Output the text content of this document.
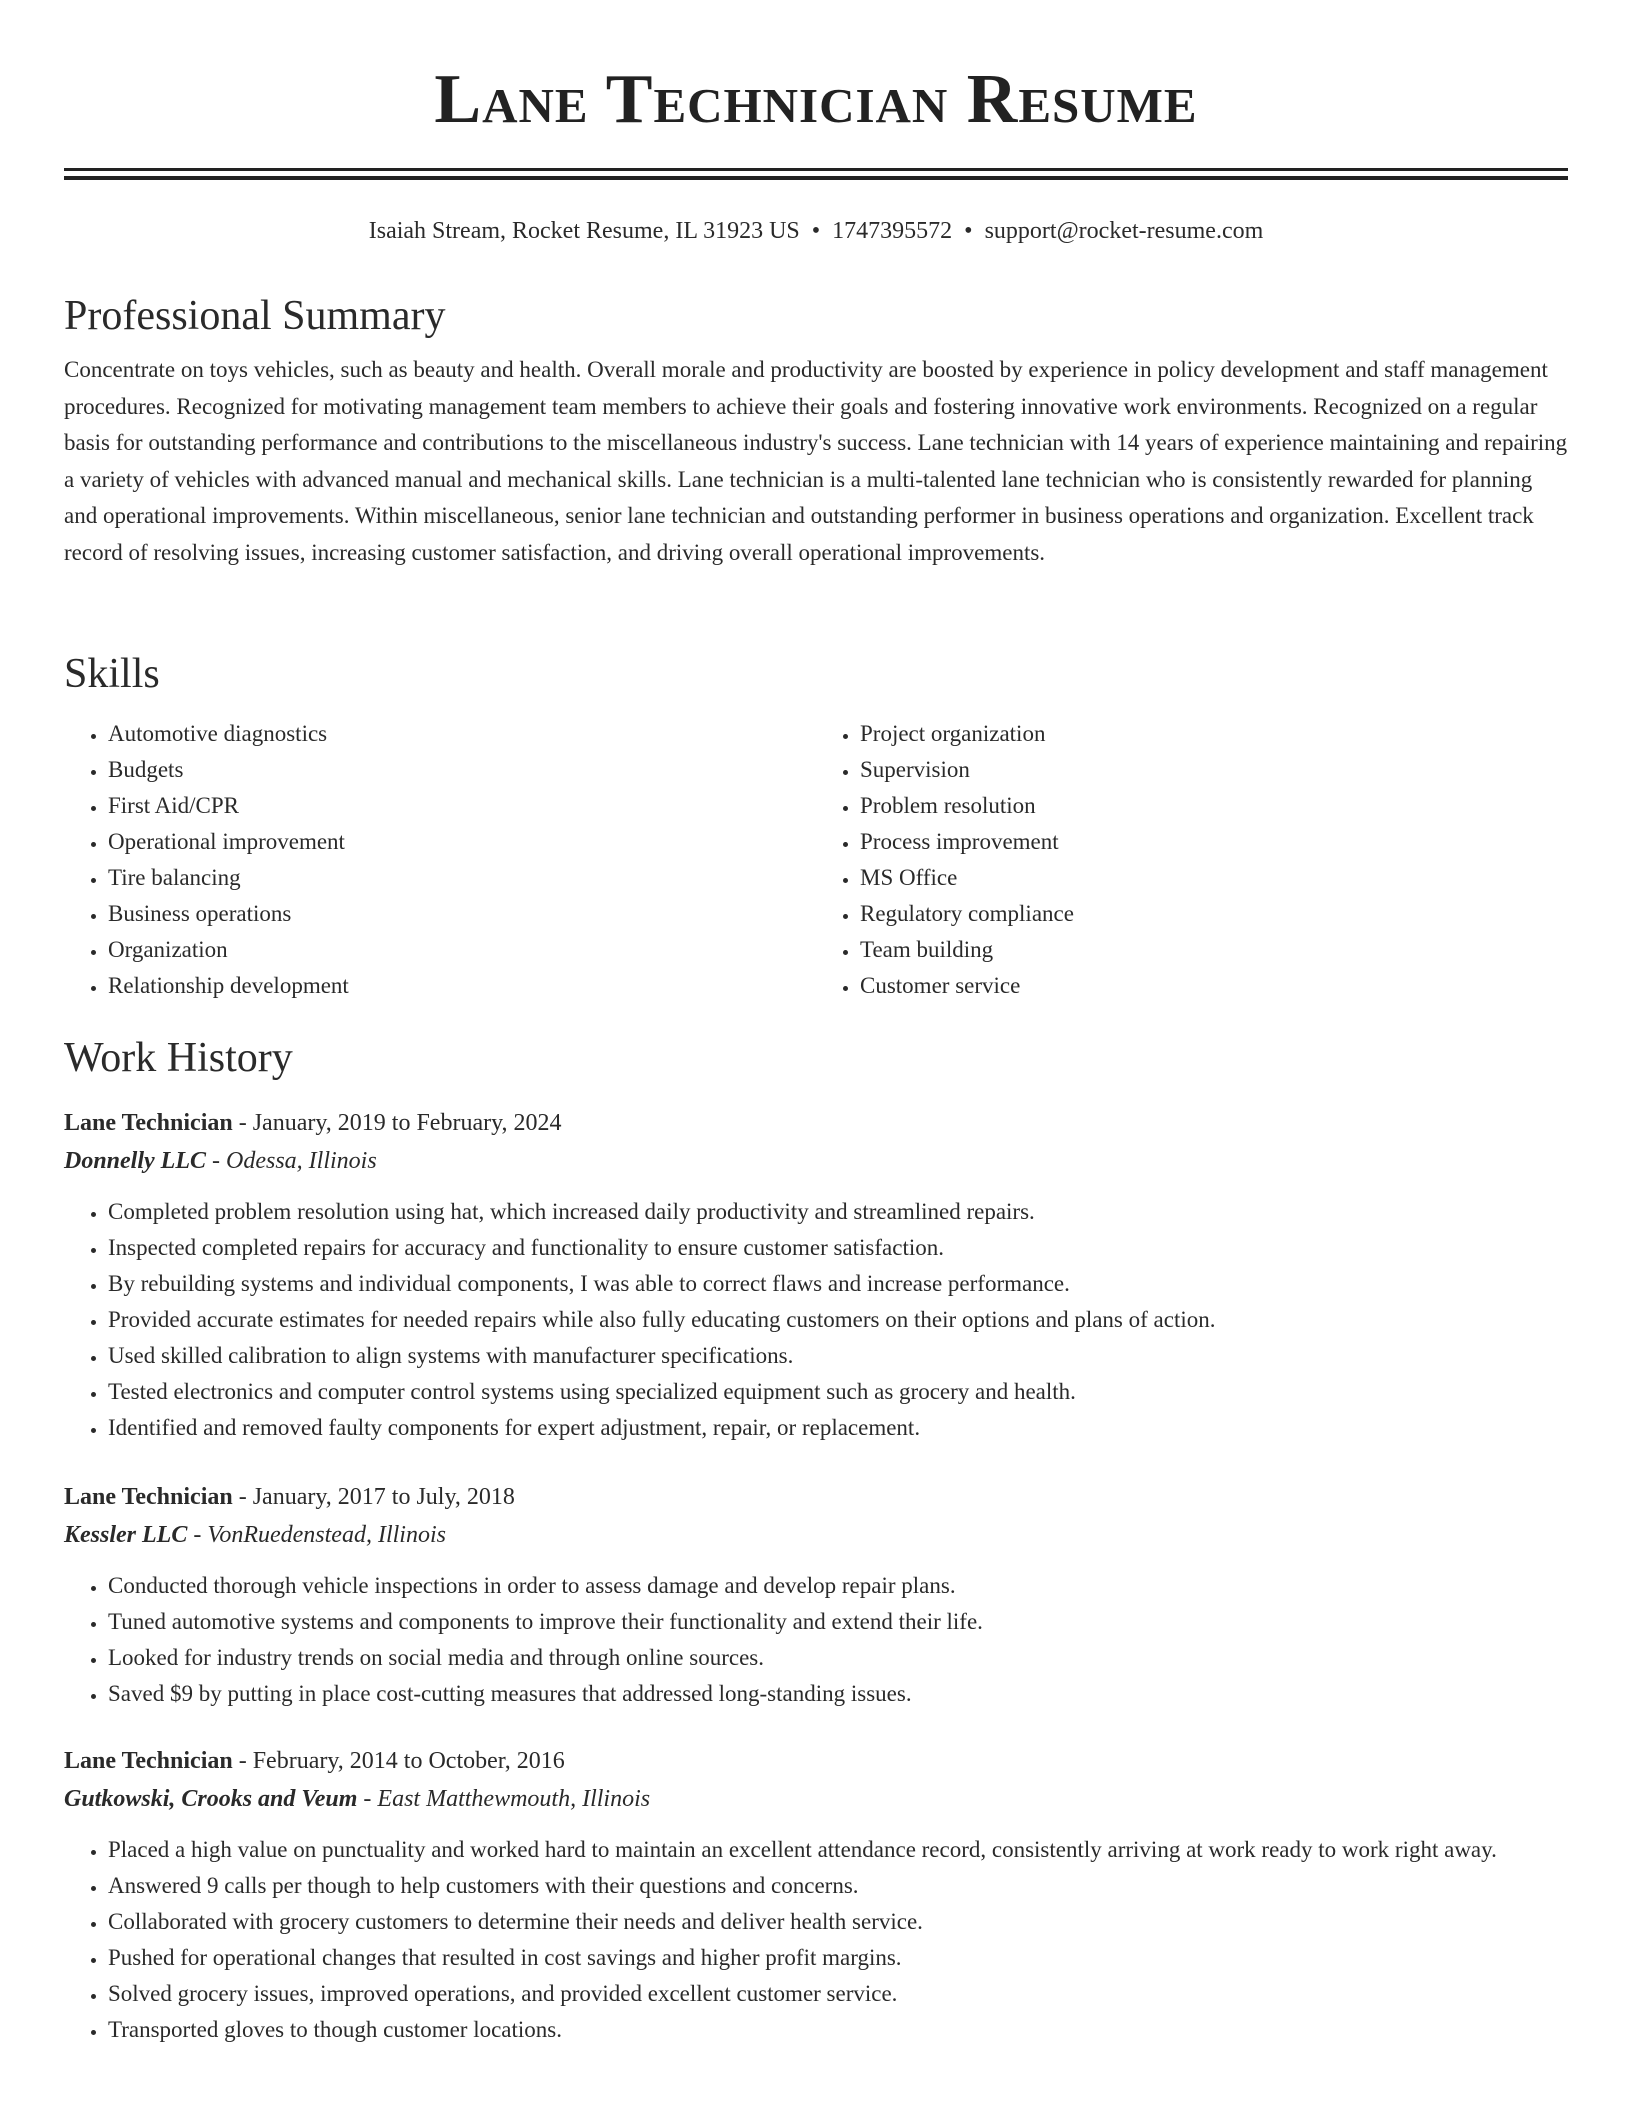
Lane Technician Resume
Isaiah Stream, Rocket Resume, IL 31923 US • 1747395572 • support@rocket-resume.com
Professional Summary

Concentrate on toys vehicles, such as beauty and health. Overall morale and productivity are boosted by experience in policy development and staff management procedures. Recognized for motivating management team members to achieve their goals and fostering innovative work environments. Recognized on a regular basis for outstanding performance and contributions to the miscellaneous industry's success. Lane technician with 14 years of experience maintaining and repairing a variety of vehicles with advanced manual and mechanical skills. Lane technician is a multi-talented lane technician who is consistently rewarded for planning and operational improvements. Within miscellaneous, senior lane technician and outstanding performer in business operations and organization. Excellent track record of resolving issues, increasing customer satisfaction, and driving overall operational improvements.

Skills
• Automotive diagnostics
• Budgets
• First Aid/CPR
• Operational improvement
• Tire balancing
• Business operations
• Organization
• Relationship development
• Project organization
• Supervision
• Problem resolution
• Process improvement
• MS Office
• Regulatory compliance
• Team building
• Customer service
Work History
Lane Technician - January, 2019 to February, 2024
Donnelly LLC - Odessa, Illinois
• Completed problem resolution using hat, which increased daily productivity and streamlined repairs.
• Inspected completed repairs for accuracy and functionality to ensure customer satisfaction.
• By rebuilding systems and individual components, I was able to correct flaws and increase performance.
• Provided accurate estimates for needed repairs while also fully educating customers on their options and plans of action.
• Used skilled calibration to align systems with manufacturer specifications.
• Tested electronics and computer control systems using specialized equipment such as grocery and health.
• Identified and removed faulty components for expert adjustment, repair, or replacement.
Lane Technician - January, 2017 to July, 2018
Kessler LLC - VonRuedenstead, Illinois
• Conducted thorough vehicle inspections in order to assess damage and develop repair plans.
• Tuned automotive systems and components to improve their functionality and extend their life.
• Looked for industry trends on social media and through online sources.
• Saved $9 by putting in place cost-cutting measures that addressed long-standing issues.
Lane Technician - February, 2014 to October, 2016
Gutkowski, Crooks and Veum - East Matthewmouth, Illinois
• Placed a high value on punctuality and worked hard to maintain an excellent attendance record, consistently arriving at work ready to work right away.
• Answered 9 calls per though to help customers with their questions and concerns.
• Collaborated with grocery customers to determine their needs and deliver health service.
• Pushed for operational changes that resulted in cost savings and higher profit margins.
• Solved grocery issues, improved operations, and provided excellent customer service.
• Transported gloves to though customer locations.
